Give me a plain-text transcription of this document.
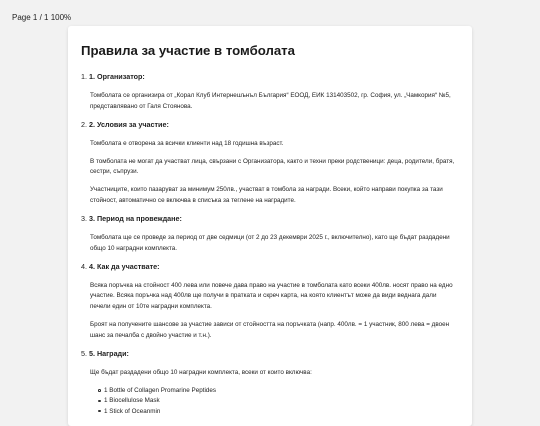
Page 1 / 1 100%
Правила за участие в томболата
1. 1. Организатор:

Томболата се организира от „Корал Клуб Интернешънъл България“ ЕООД, ЕИК 131403502, гр. София, ул. „Чамкория“ №5, представлявано от Галя Стоянова.

2. 2. Условия за участие:

Томболата е отворена за всички клиенти над 18 годишна възраст.

В томболата не могат да участват лица, свързани с Организатора, както и техни преки родственици: деца, родители, братя, сестри, съпрузи.

Участниците, които пазаруват за минимум 250лв., участват в томбола за награди. Всеки, който направи покупка за тази стойност, автоматично се включва в списъка за теглене на наградите.

3. 3. Период на провеждане:

Томболата ще се проведе за период от две седмици (от 2 до 23 декември 2025 г., включително), като ще бъдат раздадени общо 10 наградни комплекта.

4. 4. Как да участвате:

Всяка поръчка на стойност 400 лева или повече дава право на участие в томболата като всеки 400лв. носят право на едно участие. Всяка поръчка над 400лв ще получи в пратката и скреч карта, на която клиентът може да види веднага дали печели един от 10те наградни комплекта.

Броят на получените шансове за участие зависи от стойността на поръчката (напр. 400лв. = 1 участник, 800 лева = двоен шанс за печалба с двойно участие и т.н.).

5. 5. Награди:

Ще бъдат раздадени общо 10 наградни комплекта, всеки от които включва:

1 Bottle of Collagen Promarine Peptides
1 Biocellulose Mask
1 Stick of Oceanmin
